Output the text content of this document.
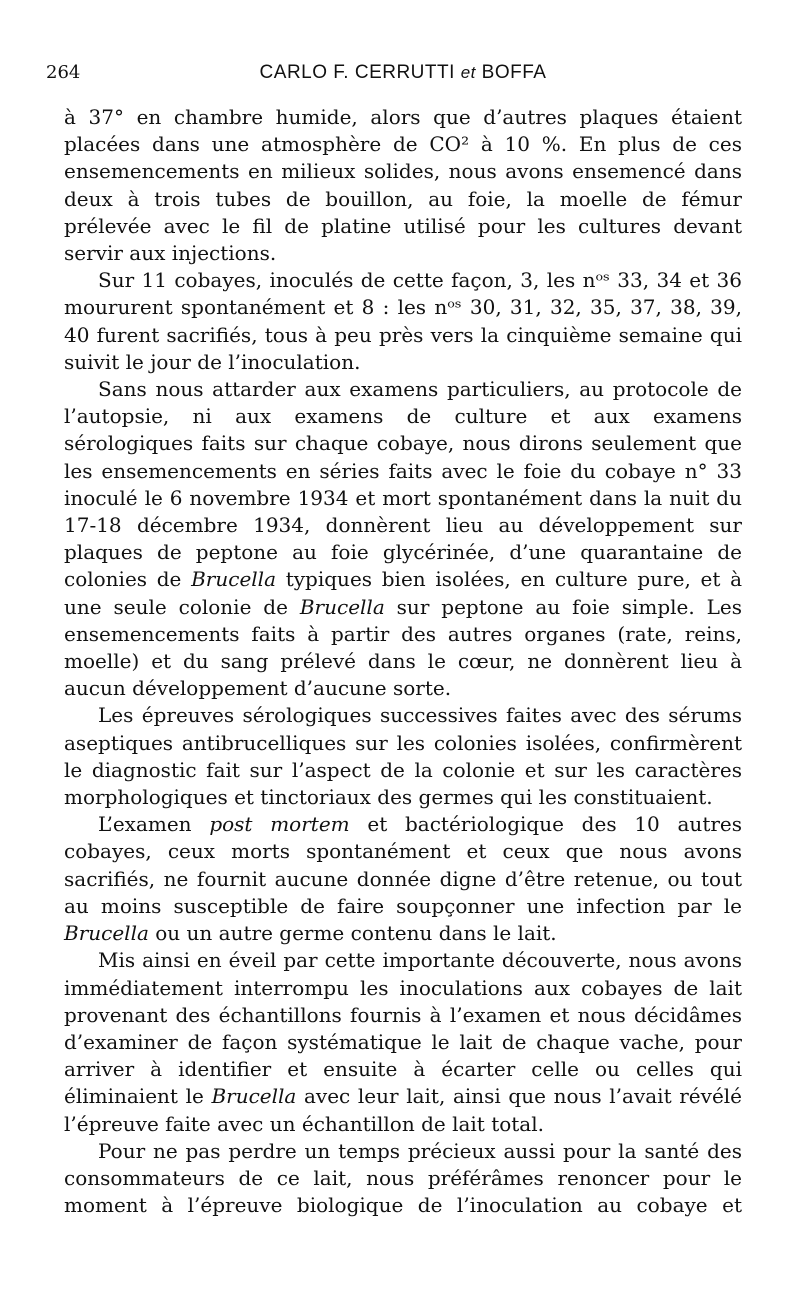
264	CARLO F. CERRUTTI et BOFFA

à 37° en chambre humide, alors que d’autres plaques étaient placées dans une atmosphère de CO² à 10 %. En plus de ces ensemencements en milieux solides, nous avons ensemencé dans deux à trois tubes de bouillon, au foie, la moelle de fémur prélevée avec le fil de platine utilisé pour les cultures devant servir aux injections.

Sur 11 cobayes, inoculés de cette façon, 3, les nᵒˢ 33, 34 et 36 moururent spontanément et 8 : les nᵒˢ 30, 31, 32, 35, 37, 38, 39, 40 furent sacrifiés, tous à peu près vers la cinquième semaine qui suivit le jour de l’inoculation.

Sans nous attarder aux examens particuliers, au protocole de l’autopsie, ni aux examens de culture et aux examens sérologiques faits sur chaque cobaye, nous dirons seulement que les ensemencements en séries faits avec le foie du cobaye n° 33 inoculé le 6 novembre 1934 et mort spontanément dans la nuit du 17-18 décembre 1934, donnèrent lieu au développement sur plaques de peptone au foie glycérinée, d’une quarantaine de colonies de Brucella typiques bien isolées, en culture pure, et à une seule colonie de Brucella sur peptone au foie simple. Les ensemencements faits à partir des autres organes (rate, reins, moelle) et du sang prélevé dans le cœur, ne donnèrent lieu à aucun développement d’aucune sorte.

Les épreuves sérologiques successives faites avec des sérums aseptiques antibrucelliques sur les colonies isolées, confirmèrent le diagnostic fait sur l’aspect de la colonie et sur les caractères morphologiques et tinctoriaux des germes qui les constituaient.

L’examen post mortem et bactériologique des 10 autres cobayes, ceux morts spontanément et ceux que nous avons sacrifiés, ne fournit aucune donnée digne d’être retenue, ou tout au moins susceptible de faire soupçonner une infection par le Brucella ou un autre germe contenu dans le lait.

Mis ainsi en éveil par cette importante découverte, nous avons immédiatement interrompu les inoculations aux cobayes de lait provenant des échantillons fournis à l’examen et nous décidâmes d’examiner de façon systématique le lait de chaque vache, pour arriver à identifier et ensuite à écarter celle ou celles qui éliminaient le Brucella avec leur lait, ainsi que nous l’avait révélé l’épreuve faite avec un échantillon de lait total.

Pour ne pas perdre un temps précieux aussi pour la santé des consommateurs de ce lait, nous préférâmes renoncer pour le moment à l’épreuve biologique de l’inoculation au cobaye et
